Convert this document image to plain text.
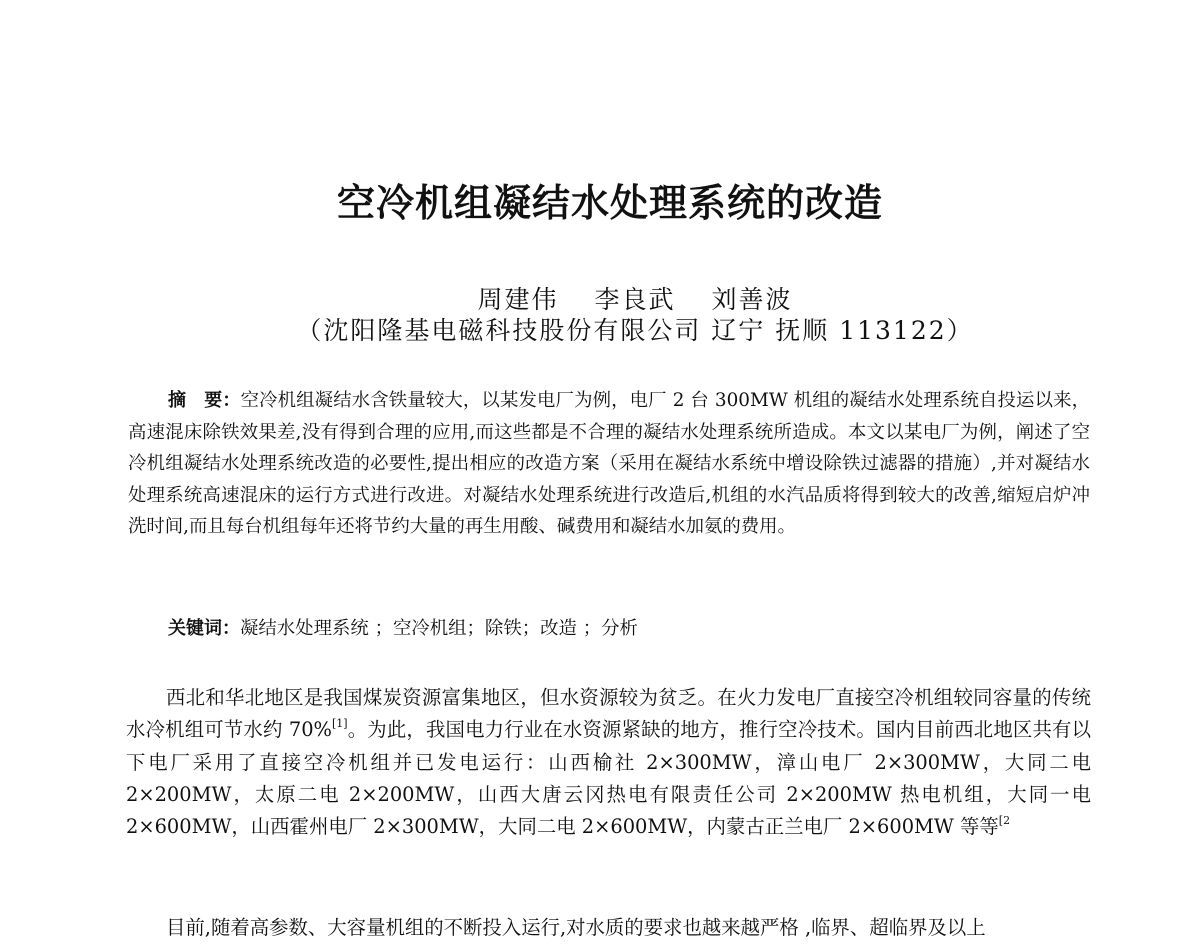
空冷机组凝结水处理系统的改造
周建伟 李良武 刘善波
（沈阳隆基电磁科技股份有限公司 辽宁 抚顺 113122）

摘　要：空冷机组凝结水含铁量较大，以某发电厂为例，电厂 2 台 300MW 机组的凝结水处理系统自投运以来，高速混床除铁效果差,没有得到合理的应用,而这些都是不合理的凝结水处理系统所造成。本文以某电厂为例，阐述了空冷机组凝结水处理系统改造的必要性,提出相应的改造方案（采用在凝结水系统中增设除铁过滤器的措施）,并对凝结水处理系统高速混床的运行方式进行改进。对凝结水处理系统进行改造后,机组的水汽品质将得到较大的改善,缩短启炉冲洗时间,而且每台机组每年还将节约大量的再生用酸、碱费用和凝结水加氨的费用。

关键词：凝结水处理系统 ；空冷机组；除铁；改造 ；分析

西北和华北地区是我国煤炭资源富集地区，但水资源较为贫乏。在火力发电厂直接空冷机组较同容量的传统水冷机组可节水约 70%[1]。为此，我国电力行业在水资源紧缺的地方，推行空冷技术。国内目前西北地区共有以下电厂采用了直接空冷机组并已发电运行：山西榆社 2×300MW，漳山电厂 2×300MW，大同二电 2×200MW，太原二电 2×200MW，山西大唐云冈热电有限责任公司 2×200MW 热电机组，大同一电 2×600MW，山西霍州电厂 2×300MW，大同二电 2×600MW，内蒙古正兰电厂 2×600MW 等等$^{[2}$

目前,随着高参数、大容量机组的不断投入运行,对水质的要求也越来越严格 ,临界、超临界及以上
